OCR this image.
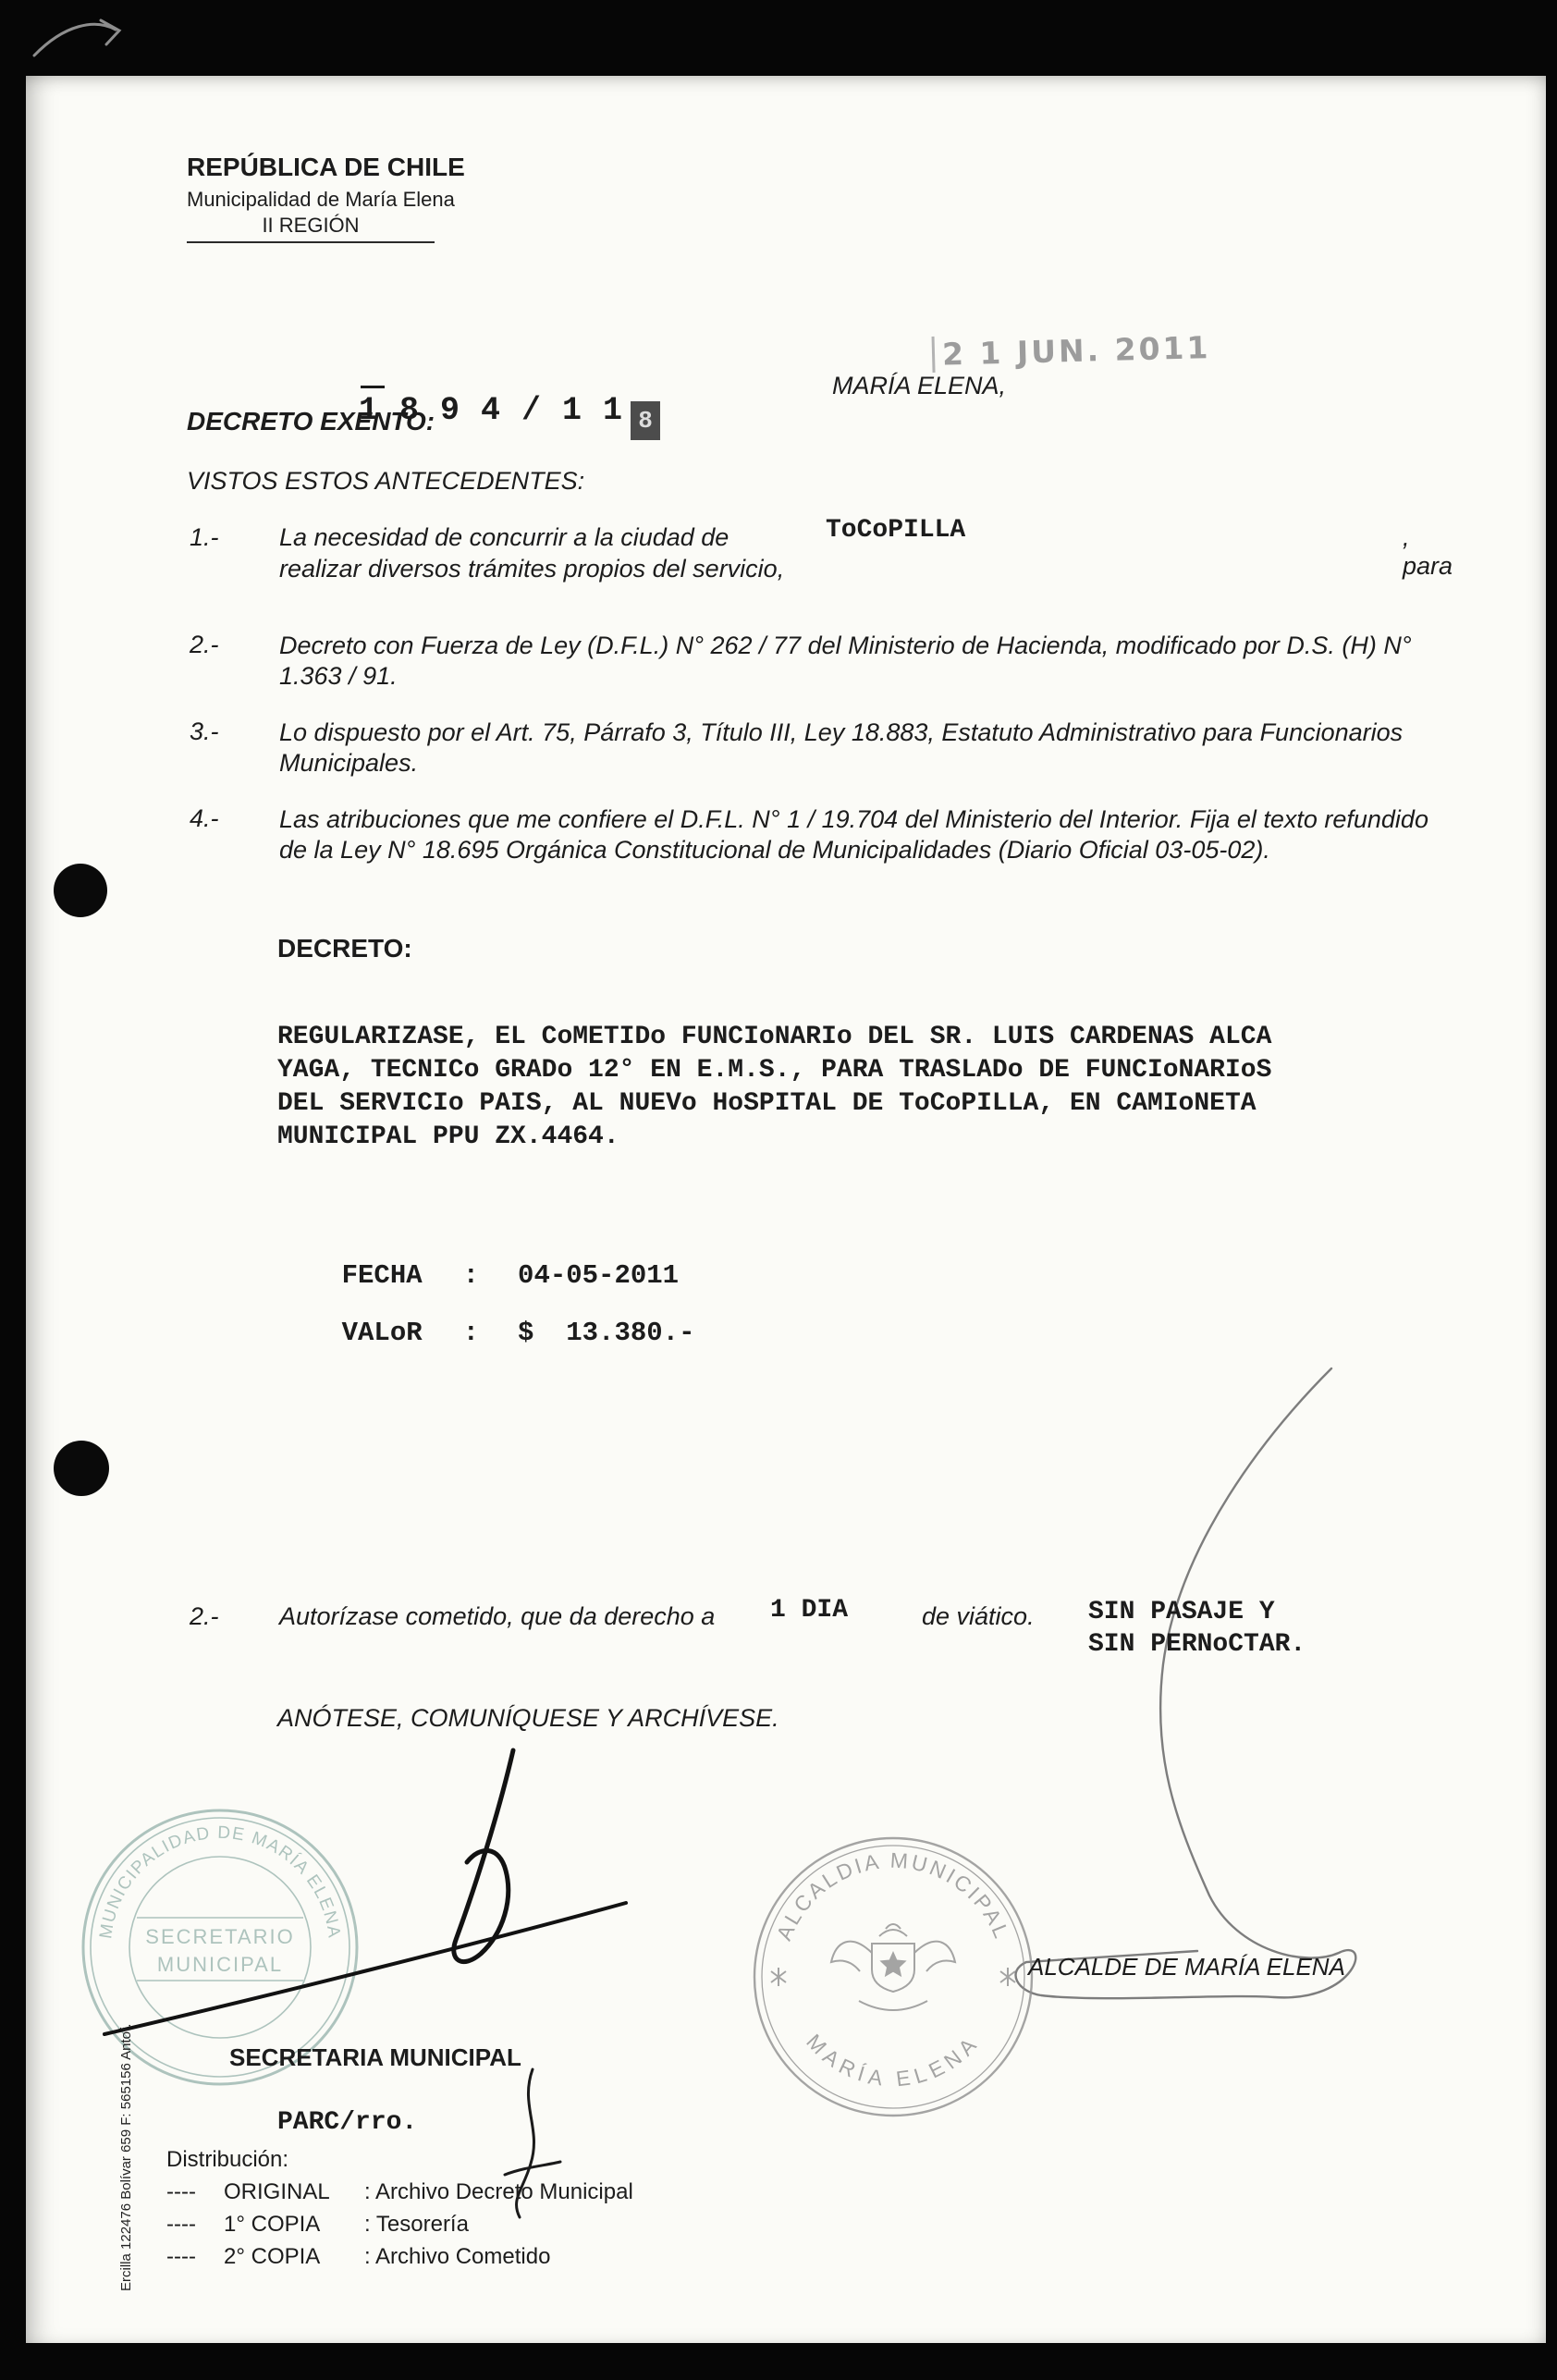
REPÚBLICA DE CHILE
Municipalidad de María Elena
II REGIÓN
MARÍA ELENA,
2 1 JUN. 2011
DECRETO EXENTO:
1 8 9 4 / 1 1 8
VISTOS ESTOS ANTECEDENTES:
1.- La necesidad de concurrir a la ciudad de	ToCoPILLA	, para
realizar diversos trámites propios del servicio,
2.- Decreto con Fuerza de Ley (D.F.L.) N° 262 / 77 del Ministerio de Hacienda, modificado por D.S. (H) N° 1.363 / 91.
3.- Lo dispuesto por el Art. 75, Párrafo 3, Título III, Ley 18.883, Estatuto Administrativo para Funcionarios Municipales.
4.- Las atribuciones que me confiere el D.F.L. N° 1 / 19.704 del Ministerio del Interior. Fija el texto refundido de la Ley N° 18.695 Orgánica Constitucional de Municipalidades (Diario Oficial 03-05-02).
DECRETO:
REGULARIZASE, EL CoMETIDo FUNCIoNARIo DEL SR. LUIS CARDENAS ALCA
YAGA, TECNICo GRADo 12° EN E.M.S., PARA TRASLADo DE FUNCIoNARIoS
DEL SERVICIo PAIS, AL NUEVo HoSPITAL DE ToCoPILLA, EN CAMIoNETA
MUNICIPAL PPU ZX.4464.

FECHA : 04-05-2011

VALoR : $  13.380.-

2.- Autorízase cometido, que da derecho a 1 DIA	de viático. SIN PASAJE Y
SIN PERNoCTAR.
ANÓTESE, COMUNÍQUESE Y ARCHÍVESE.
MUNICIPALIDAD DE MARÍA ELENA
SECRETARIO
MUNICIPAL
SECRETARIA MUNICIPAL
PARC/rro.
Distribución:
----	ORIGINAL	: Archivo Decreto Municipal
----	1° COPIA	: Tesorería
----	2° COPIA	: Archivo Cometido
ALCALDIA MUNICIPAL
MARÍA ELENA
ALCALDE DE MARÍA ELENA
Ercilla 122476 Bolívar 659 F: 565156 Antof.
